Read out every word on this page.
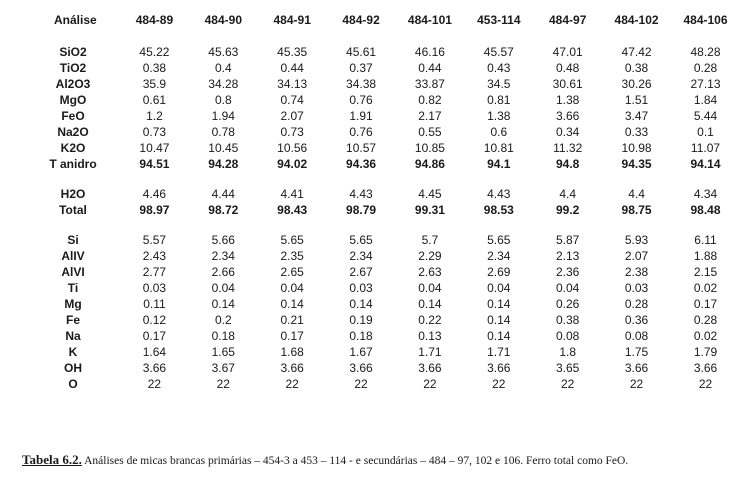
Análise	484-89	484-90	484-91	484-92	484-101	453-114	484-97	484-102	484-106

SiO2	45.22	45.63	45.35	45.61	46.16	45.57	47.01	47.42	48.28
TiO2	0.38	0.4	0.44	0.37	0.44	0.43	0.48	0.38	0.28
Al2O3	35.9	34.28	34.13	34.38	33.87	34.5	30.61	30.26	27.13
MgO	0.61	0.8	0.74	0.76	0.82	0.81	1.38	1.51	1.84
FeO	1.2	1.94	2.07	1.91	2.17	1.38	3.66	3.47	5.44
Na2O	0.73	0.78	0.73	0.76	0.55	0.6	0.34	0.33	0.1
K2O	10.47	10.45	10.56	10.57	10.85	10.81	11.32	10.98	11.07
T anidro	94.51	94.28	94.02	94.36	94.86	94.1	94.8	94.35	94.14

H2O	4.46	4.44	4.41	4.43	4.45	4.43	4.4	4.4	4.34
Total	98.97	98.72	98.43	98.79	99.31	98.53	99.2	98.75	98.48

Si	5.57	5.66	5.65	5.65	5.7	5.65	5.87	5.93	6.11
AlIV	2.43	2.34	2.35	2.34	2.29	2.34	2.13	2.07	1.88
AlVI	2.77	2.66	2.65	2.67	2.63	2.69	2.36	2.38	2.15
Ti	0.03	0.04	0.04	0.03	0.04	0.04	0.04	0.03	0.02
Mg	0.11	0.14	0.14	0.14	0.14	0.14	0.26	0.28	0.17
Fe	0.12	0.2	0.21	0.19	0.22	0.14	0.38	0.36	0.28
Na	0.17	0.18	0.17	0.18	0.13	0.14	0.08	0.08	0.02
K	1.64	1.65	1.68	1.67	1.71	1.71	1.8	1.75	1.79
OH	3.66	3.67	3.66	3.66	3.66	3.66	3.65	3.66	3.66
O	22	22	22	22	22	22	22	22	22
Tabela 6.2. Análises de micas brancas primárias – 454-3 a 453 – 114 - e secundárias – 484 – 97, 102 e 106. Ferro total como FeO.
